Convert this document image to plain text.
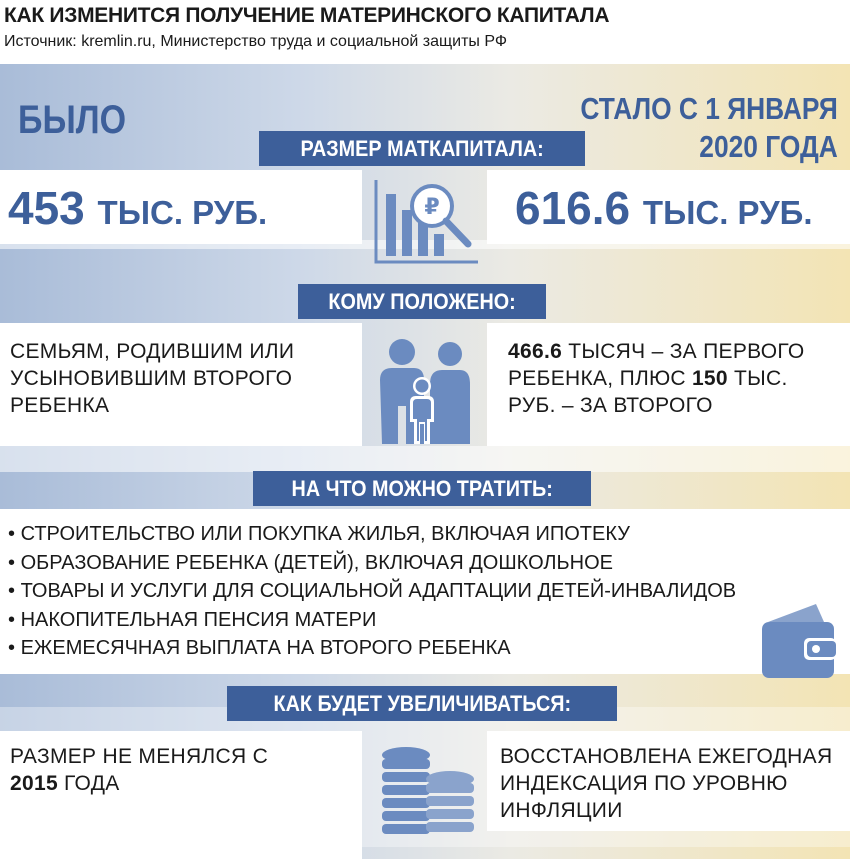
КАК ИЗМЕНИТСЯ ПОЛУЧЕНИЕ МАТЕРИНСКОГО КАПИТАЛА
Источник: kremlin.ru, Министерство труда и социальной защиты РФ
БЫЛО	СТАЛО С 1 ЯНВАРЯ
2020 ГОДА
РАЗМЕР МАТКАПИТАЛА:
453 ТЫС. РУБ.	616.6 ТЫС. РУБ.
₽
КОМУ ПОЛОЖЕНО:
СЕМЬЯМ, РОДИВШИМ ИЛИ УСЫНОВИВШИМ ВТОРОГО РЕБЕНКА
466.6 ТЫСЯЧ – ЗА ПЕРВОГО РЕБЕНКА, ПЛЮС 150 ТЫС. РУБ. – ЗА ВТОРОГО
НА ЧТО МОЖНО ТРАТИТЬ:
• СТРОИТЕЛЬСТВО ИЛИ ПОКУПКА ЖИЛЬЯ, ВКЛЮЧАЯ ИПОТЕКУ
• ОБРАЗОВАНИЕ РЕБЕНКА (ДЕТЕЙ), ВКЛЮЧАЯ ДОШКОЛЬНОЕ
• ТОВАРЫ И УСЛУГИ ДЛЯ СОЦИАЛЬНОЙ АДАПТАЦИИ ДЕТЕЙ-ИНВАЛИДОВ
• НАКОПИТЕЛЬНАЯ ПЕНСИЯ МАТЕРИ
• ЕЖЕМЕСЯЧНАЯ ВЫПЛАТА НА ВТОРОГО РЕБЕНКА
КАК БУДЕТ УВЕЛИЧИВАТЬСЯ:
РАЗМЕР НЕ МЕНЯЛСЯ С 2015 ГОДА
ВОССТАНОВЛЕНА ЕЖЕГОДНАЯ ИНДЕКСАЦИЯ ПО УРОВНЮ ИНФЛЯЦИИ
